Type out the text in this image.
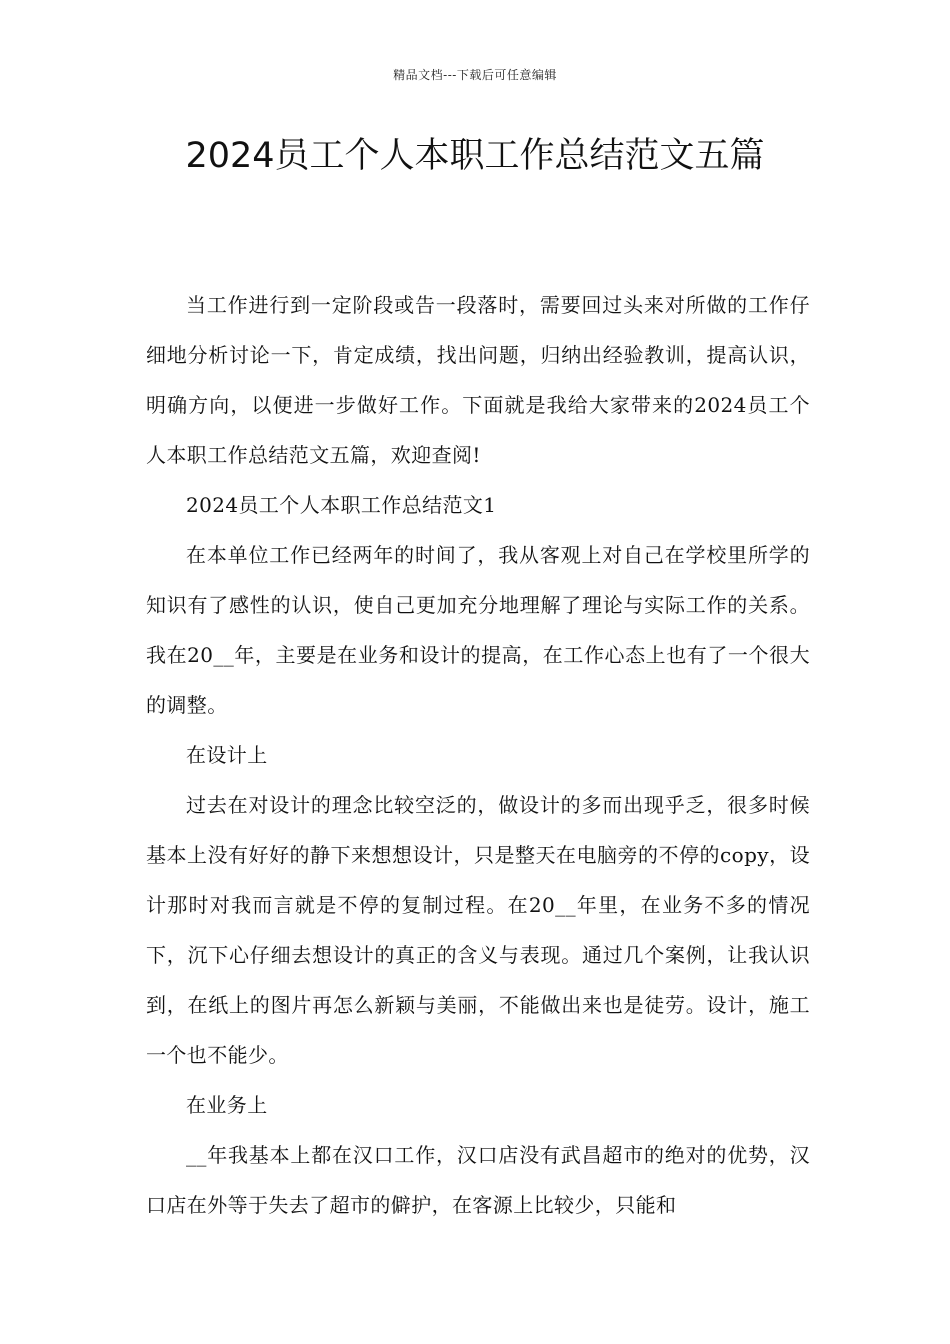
精品文档---下载后可任意编辑
2024员工个人本职工作总结范文五篇

当工作进行到一定阶段或告一段落时，需要回过头来对所做的工作仔细地分析讨论一下，肯定成绩，找出问题，归纳出经验教训，提高认识，明确方向，以便进一步做好工作。下面就是我给大家带来的2024员工个人本职工作总结范文五篇，欢迎查阅!

2024员工个人本职工作总结范文1

在本单位工作已经两年的时间了，我从客观上对自己在学校里所学的知识有了感性的认识，使自己更加充分地理解了理论与实际工作的关系。我在20__年，主要是在业务和设计的提高，在工作心态上也有了一个很大的调整。

在设计上

过去在对设计的理念比较空泛的，做设计的多而出现乎乏，很多时候基本上没有好好的静下来想想设计，只是整天在电脑旁的不停的copy，设计那时对我而言就是不停的复制过程。在20__年里，在业务不多的情况下，沉下心仔细去想设计的真正的含义与表现。通过几个案例，让我认识到，在纸上的图片再怎么新颖与美丽，不能做出来也是徒劳。设计，施工一个也不能少。

在业务上

__年我基本上都在汉口工作，汉口店没有武昌超市的绝对的优势，汉口店在外等于失去了超市的僻护，在客源上比较少，只能和
